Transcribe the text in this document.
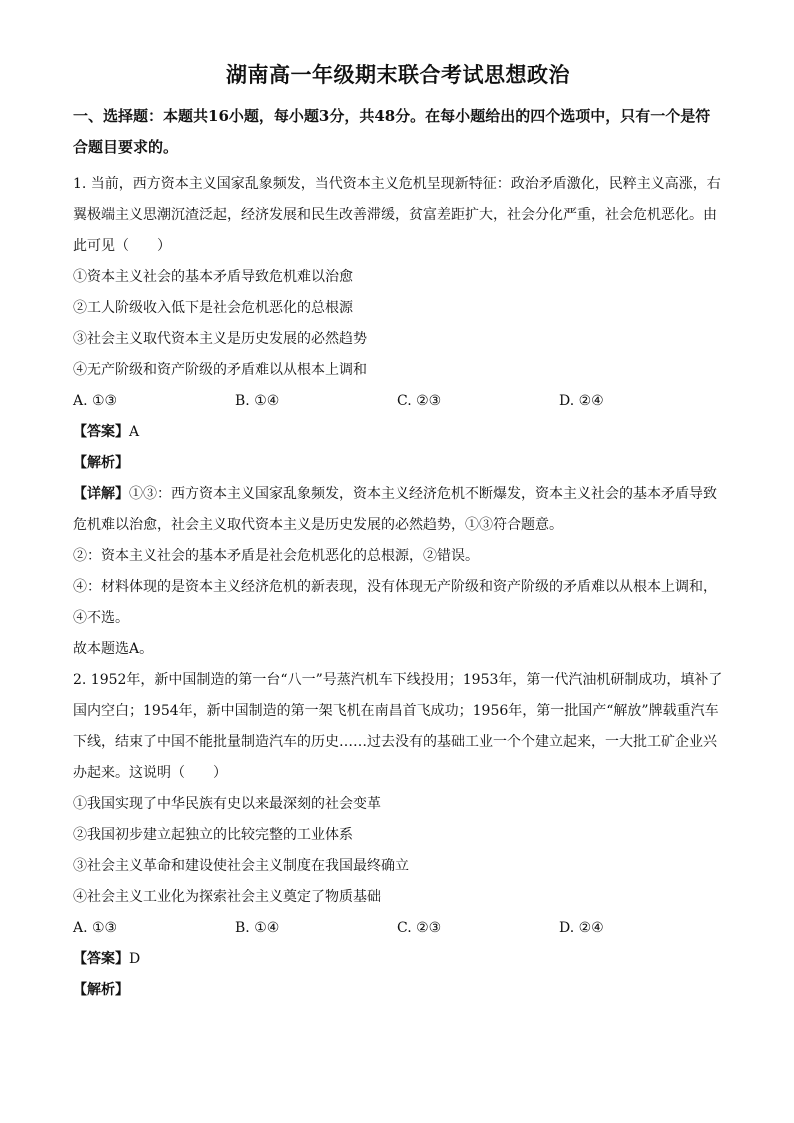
湖南高一年级期末联合考试思想政治
一、选择题：本题共16小题，每小题3分，共48分。在每小题给出的四个选项中，只有一个是符合题目要求的。

1. 当前，西方资本主义国家乱象频发，当代资本主义危机呈现新特征：政治矛盾激化，民粹主义高涨，右翼极端主义思潮沉渣泛起，经济发展和民生改善滞缓，贫富差距扩大，社会分化严重，社会危机恶化。由此可见（　　）

①资本主义社会的基本矛盾导致危机难以治愈

②工人阶级收入低下是社会危机恶化的总根源

③社会主义取代资本主义是历史发展的必然趋势

④无产阶级和资产阶级的矛盾难以从根本上调和

A. ①③	B. ①④	C. ②③	D. ②④

【答案】A

【解析】

【详解】①③：西方资本主义国家乱象频发，资本主义经济危机不断爆发，资本主义社会的基本矛盾导致危机难以治愈，社会主义取代资本主义是历史发展的必然趋势，①③符合题意。

②：资本主义社会的基本矛盾是社会危机恶化的总根源，②错误。

④：材料体现的是资本主义经济危机的新表现，没有体现无产阶级和资产阶级的矛盾难以从根本上调和，④不选。

故本题选A。

2. 1952年，新中国制造的第一台“八一”号蒸汽机车下线投用；1953年，第一代汽油机研制成功，填补了国内空白；1954年，新中国制造的第一架飞机在南昌首飞成功；1956年，第一批国产“解放”牌载重汽车下线，结束了中国不能批量制造汽车的历史……过去没有的基础工业一个个建立起来，一大批工矿企业兴办起来。这说明（　　）

①我国实现了中华民族有史以来最深刻的社会变革

②我国初步建立起独立的比较完整的工业体系

③社会主义革命和建设使社会主义制度在我国最终确立

④社会主义工业化为探索社会主义奠定了物质基础

A. ①③	B. ①④	C. ②③	D. ②④

【答案】D

【解析】
